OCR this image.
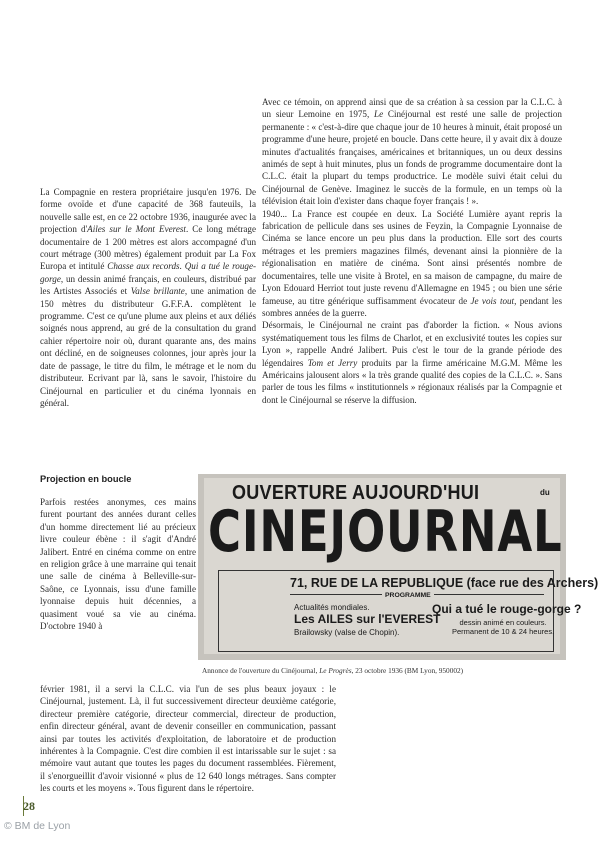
La Compagnie en restera propriétaire jusqu'en 1976. De forme ovoïde et d'une capacité de 368 fauteuils, la nouvelle salle est, en ce 22 octobre 1936, inaugurée avec la projection d'Ailes sur le Mont Everest. Ce long métrage documentaire de 1 200 mètres est alors accompagné d'un court métrage (300 mètres) également produit par La Fox Europa et intitulé Chasse aux records. Qui a tué le rouge-gorge, un dessin animé français, en couleurs, distribué par les Artistes Associés et Valse brillante, une animation de 150 mètres du distributeur G.F.F.A. complètent le programme. C'est ce qu'une plume aux pleins et aux déliés soignés nous apprend, au gré de la consultation du grand cahier répertoire noir où, durant quarante ans, des mains ont décliné, en de soigneuses colonnes, jour après jour la date de passage, le titre du film, le métrage et le nom du distributeur. Ecrivant par là, sans le savoir, l'histoire du Cinéjournal en particulier et du cinéma lyonnais en général.

Avec ce témoin, on apprend ainsi que de sa création à sa cession par la C.L.C. à un sieur Lemoine en 1975, Le Cinéjournal est resté une salle de projection permanente : « c'est-à-dire que chaque jour de 10 heures à minuit, était proposé un programme d'une heure, projeté en boucle. Dans cette heure, il y avait dix à douze minutes d'actualités françaises, américaines et britanniques, un ou deux dessins animés de sept à huit minutes, plus un fonds de programme documentaire dont la C.L.C. était la plupart du temps productrice. Le modèle suivi était celui du Cinéjournal de Genève. Imaginez le succès de la formule, en un temps où la télévision était loin d'exister dans chaque foyer français ! ».

1940... La France est coupée en deux. La Société Lumière ayant repris la fabrication de pellicule dans ses usines de Feyzin, la Compagnie Lyonnaise de Cinéma se lance encore un peu plus dans la production. Elle sort des courts métrages et les premiers magazines filmés, devenant ainsi la pionnière de la régionalisation en matière de cinéma. Sont ainsi présentés nombre de documentaires, telle une visite à Brotel, en sa maison de campagne, du maire de Lyon Edouard Herriot tout juste revenu d'Allemagne en 1945 ; ou bien une série fameuse, au titre générique suffisamment évocateur de Je vois tout, pendant les sombres années de la guerre.

Désormais, le Cinéjournal ne craint pas d'aborder la fiction. « Nous avions systématiquement tous les films de Charlot, et en exclusivité toutes les copies sur Lyon », rappelle André Jalibert. Puis c'est le tour de la grande période des légendaires Tom et Jerry produits par la firme américaine M.G.M. Même les Américains jalousent alors « la très grande qualité des copies de la C.L.C. ». Sans parler de tous les films « institutionnels » régionaux réalisés par la Compagnie et dont le Cinéjournal se réserve la diffusion.

Projection en boucle

Parfois restées anonymes, ces mains furent pourtant des années durant celles d'un homme directement lié au précieux livre couleur ébène : il s'agit d'André Jalibert. Entré en cinéma comme on entre en religion grâce à une marraine qui tenait une salle de cinéma à Belleville-sur-Saône, ce Lyonnais, issu d'une famille lyonnaise depuis huit décennies, a quasiment voué sa vie au cinéma. D'octobre 1940 à

février 1981, il a servi la C.L.C. via l'un de ses plus beaux joyaux : le Cinéjournal, justement. Là, il fut successivement directeur deuxième catégorie, directeur première catégorie, directeur commercial, directeur de production, enfin directeur général, avant de devenir conseiller en communication, passant ainsi par toutes les activités d'exploitation, de laboratoire et de production inhérentes à la Compagnie. C'est dire combien il est intarissable sur le sujet : sa mémoire vaut autant que toutes les pages du document rassemblées. Fièrement, il s'enorgueillit d'avoir visionné « plus de 12 640 longs métrages. Sans compter les courts et les moyens ». Tous figurent dans le répertoire.

OUVERTURE AUJOURD'HUI	du
CINEJOURNAL
71, RUE DE LA REPUBLIQUE (face rue des Archers)
PROGRAMME
Actualités mondiales.
Les AILES sur l'EVEREST
Brailowsky (valse de Chopin).
Qui a tué le rouge-gorge ?
dessin animé en couleurs.
Permanent de 10 & 24 heures.
Annonce de l'ouverture du Cinéjournal, Le Progrès, 23 octobre 1936 (BM Lyon, 950002)
28
© BM de Lyon
